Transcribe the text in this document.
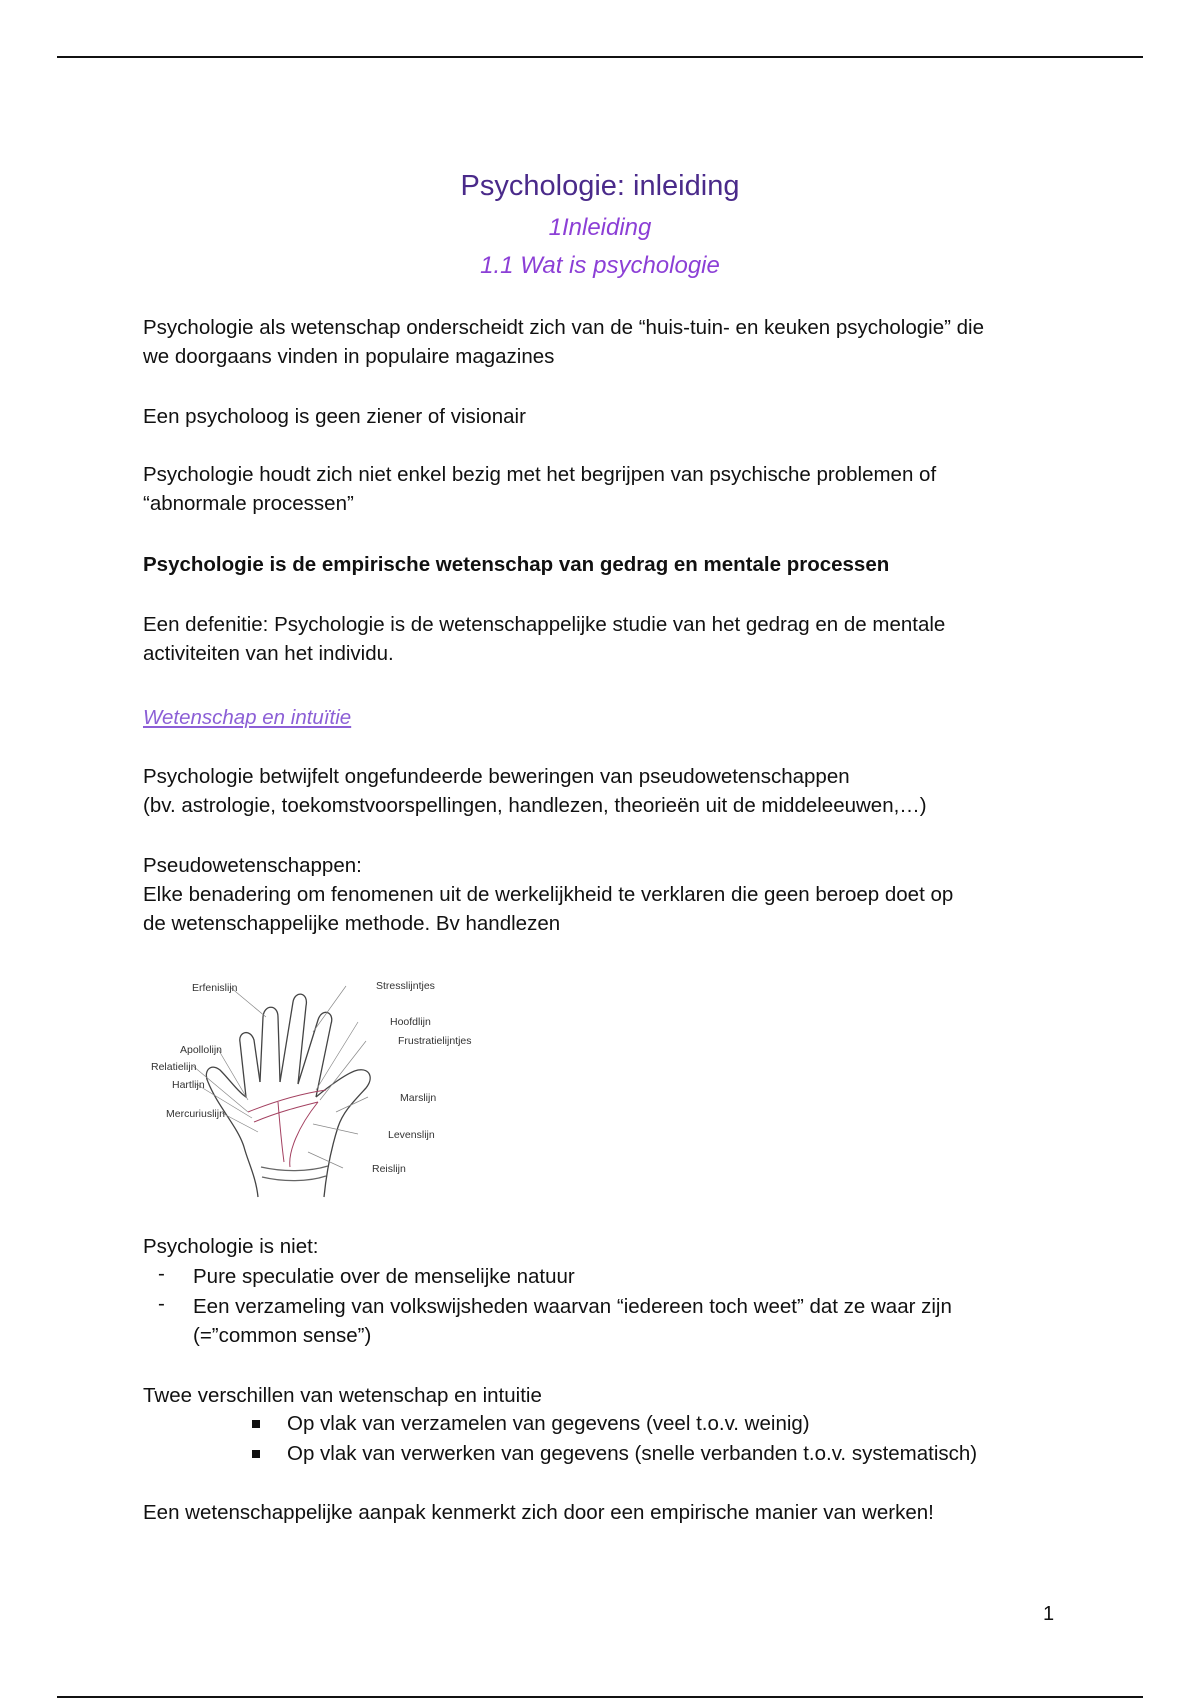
Psychologie: inleiding
1Inleiding
1.1 Wat is psychologie
Psychologie als wetenschap onderscheidt zich van de “huis-tuin- en keuken psychologie” die
we doorgaans vinden in populaire magazines
Een psycholoog is geen ziener of visionair
Psychologie houdt zich niet enkel bezig met het begrijpen van psychische problemen of
“abnormale processen”
Psychologie is de empirische wetenschap van gedrag en mentale processen
Een defenitie: Psychologie is de wetenschappelijke studie van het gedrag en de mentale
activiteiten van het individu.
Wetenschap en intuïtie
Psychologie betwijfelt ongefundeerde beweringen van pseudowetenschappen
(bv. astrologie, toekomstvoorspellingen, handlezen, theorieën uit de middeleeuwen,…)
Pseudowetenschappen:
Elke benadering om fenomenen uit de werkelijkheid te verklaren die geen beroep doet op
de wetenschappelijke methode. Bv handlezen
Erfenislijn
Apollolijn
Relatielijn
Hartlijn
Mercuriuslijn
Stresslijntjes
Hoofdlijn
Frustratielijntjes
Marslijn
Levenslijn
Reislijn
Psychologie is niet:
- Pure speculatie over de menselijke natuur
- Een verzameling van volkswijsheden waarvan “iedereen toch weet” dat ze waar zijn
(=”common sense”)
Twee verschillen van wetenschap en intuitie
Op vlak van verzamelen van gegevens (veel t.o.v. weinig)
Op vlak van verwerken van gegevens (snelle verbanden t.o.v. systematisch)
Een wetenschappelijke aanpak kenmerkt zich door een empirische manier van werken!
1
